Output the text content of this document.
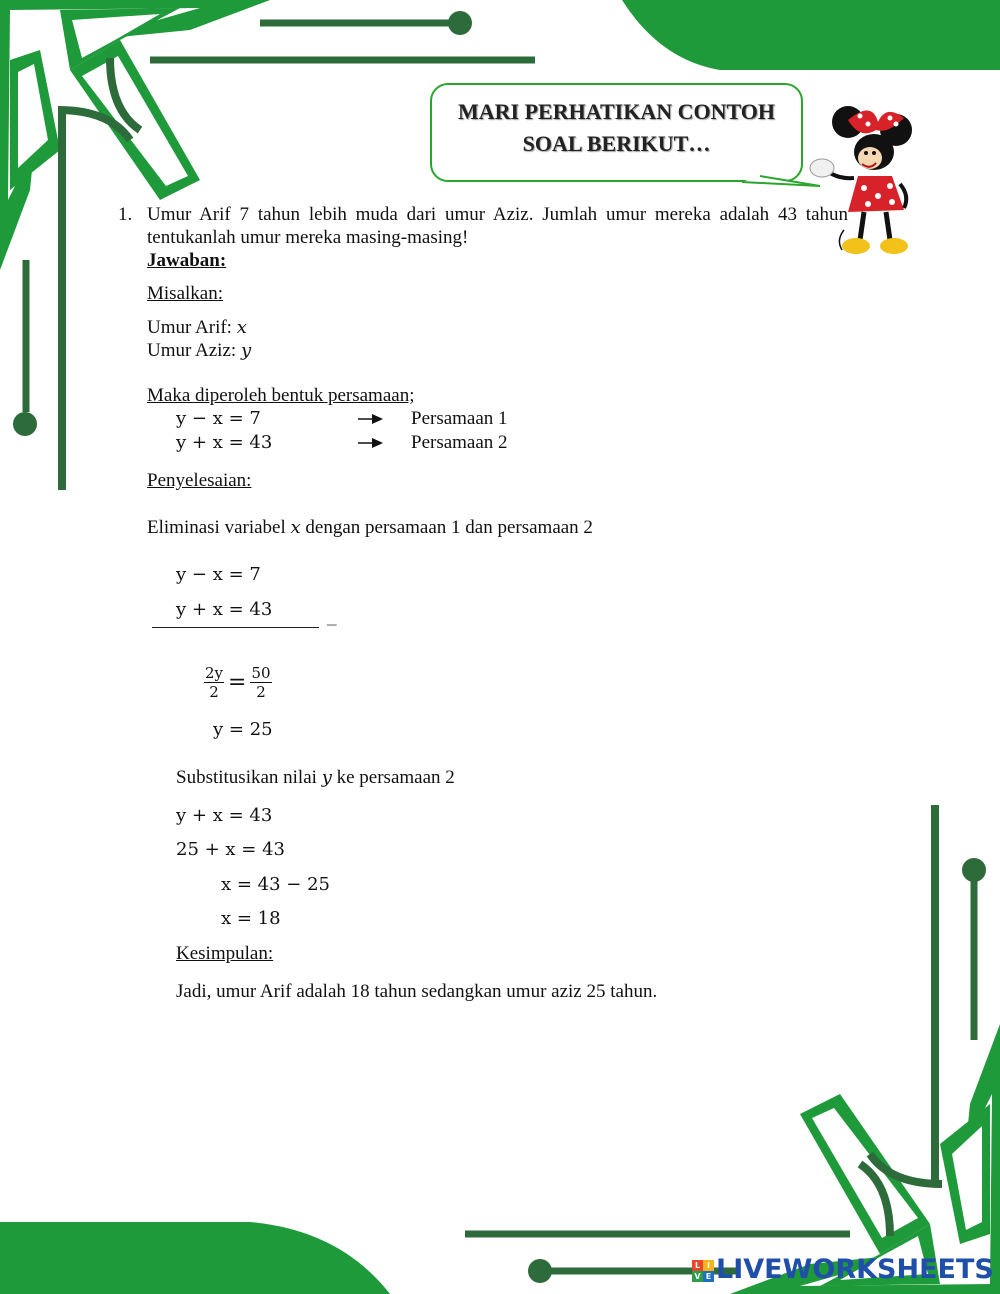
MARI PERHATIKAN CONTOH
SOAL BERIKUT…
1. Umur Arif 7 tahun lebih muda dari umur Aziz. Jumlah umur mereka adalah 43 tahun tentukanlah umur mereka masing-masing!
Jawaban:
Misalkan:
Umur Arif: x
Umur Aziz: y
Maka diperoleh bentuk persamaan;
y − x = 7	Persamaan 1
y + x = 43	Persamaan 2
Penyelesaian:
Eliminasi variabel x dengan persamaan 1 dan persamaan 2
y − x = 7
y + x = 43	_
$\frac{2y}{2} = \frac{50}{2}$
y = 25
Substitusikan nilai y ke persamaan 2
y + x = 43
25 + x = 43
x = 43 − 25
x = 18
Kesimpulan:
Jadi, umur Arif adalah 18 tahun sedangkan umur aziz 25 tahun.
L I
V E LIVEWORKSHEETS
